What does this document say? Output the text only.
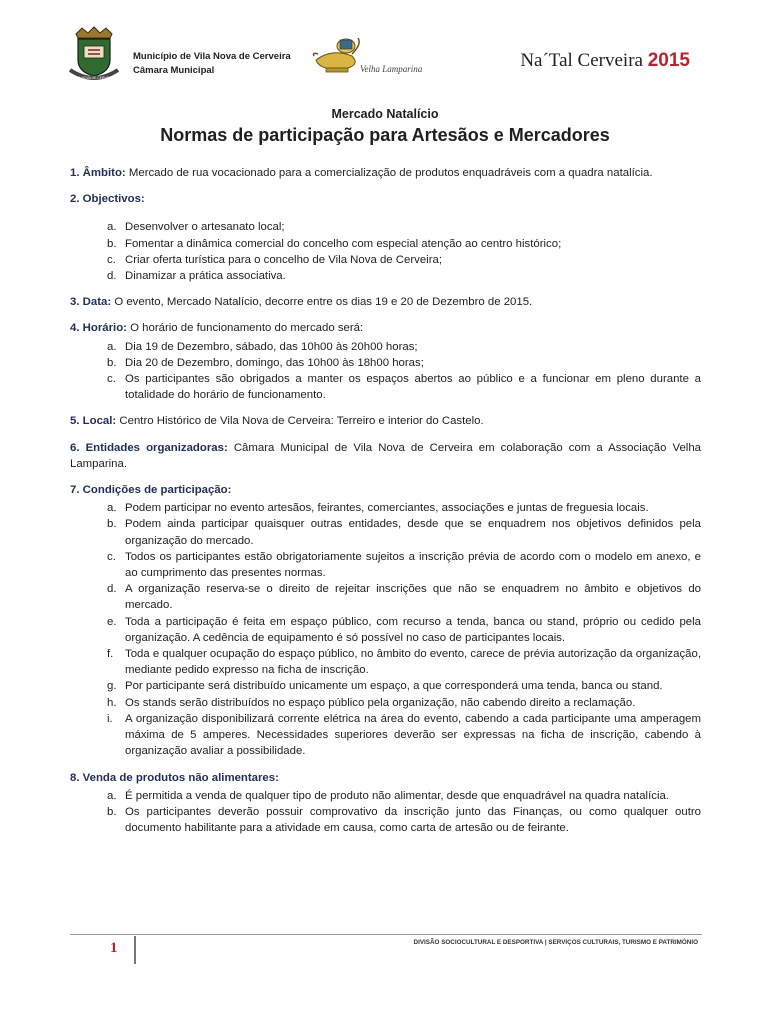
VILA NOVA DE CERVEIRA
Município de Vila Nova de Cerveira
Câmara Municipal	Velha Lamparina	Na´Tal Cerveira 2015
Mercado Natalício
Normas de participação para Artesãos e Mercadores

1. Âmbito: Mercado de rua vocacionado para a comercialização de produtos enquadráveis com a quadra natalícia.

2. Objectivos:

a. Desenvolver o artesanato local;
b. Fomentar a dinâmica comercial do concelho com especial atenção ao centro histórico;
c. Criar oferta turística para o concelho de Vila Nova de Cerveira;
d. Dinamizar a prática associativa.

3. Data: O evento, Mercado Natalício, decorre entre os dias 19 e 20 de Dezembro de 2015.

4. Horário: O horário de funcionamento do mercado será:

a. Dia 19 de Dezembro, sábado, das 10h00 às 20h00 horas;
b. Dia 20 de Dezembro, domingo, das 10h00 às 18h00 horas;
c. Os participantes são obrigados a manter os espaços abertos ao público e a funcionar em pleno durante a totalidade do horário de funcionamento.

5. Local: Centro Histórico de Vila Nova de Cerveira: Terreiro e interior do Castelo.

6. Entidades organizadoras: Câmara Municipal de Vila Nova de Cerveira em colaboração com a Associação Velha Lamparina.

7. Condições de participação:

a. Podem participar no evento artesãos, feirantes, comerciantes, associações e juntas de freguesia locais.
b. Podem ainda participar quaisquer outras entidades, desde que se enquadrem nos objetivos definidos pela organização do mercado.
c. Todos os participantes estão obrigatoriamente sujeitos a inscrição prévia de acordo com o modelo em anexo, e ao cumprimento das presentes normas.
d. A organização reserva-se o direito de rejeitar inscrições que não se enquadrem no âmbito e objetivos do mercado.
e. Toda a participação é feita em espaço público, com recurso a tenda, banca ou stand, próprio ou cedido pela organização. A cedência de equipamento é só possível no caso de participantes locais.
f. Toda e qualquer ocupação do espaço público, no âmbito do evento, carece de prévia autorização da organização, mediante pedido expresso na ficha de inscrição.
g. Por participante será distribuído unicamente um espaço, a que corresponderá uma tenda, banca ou stand.
h. Os stands serão distribuídos no espaço público pela organização, não cabendo direito a reclamação.
i. A organização disponibilizará corrente elétrica na área do evento, cabendo a cada participante uma amperagem máxima de 5 amperes. Necessidades superiores deverão ser expressas na ficha de inscrição, cabendo à organização avaliar a possibilidade.

8. Venda de produtos não alimentares:

a. É permitida a venda de qualquer tipo de produto não alimentar, desde que enquadrável na quadra natalícia.
b. Os participantes deverão possuir comprovativo da inscrição junto das Finanças, ou como qualquer outro documento habilitante para a atividade em causa, como carta de artesão ou de feirante.
1	DIVISÃO SOCIOCULTURAL E DESPORTIVA | SERVIÇOS CULTURAIS, TURISMO E PATRIMÓNIO
